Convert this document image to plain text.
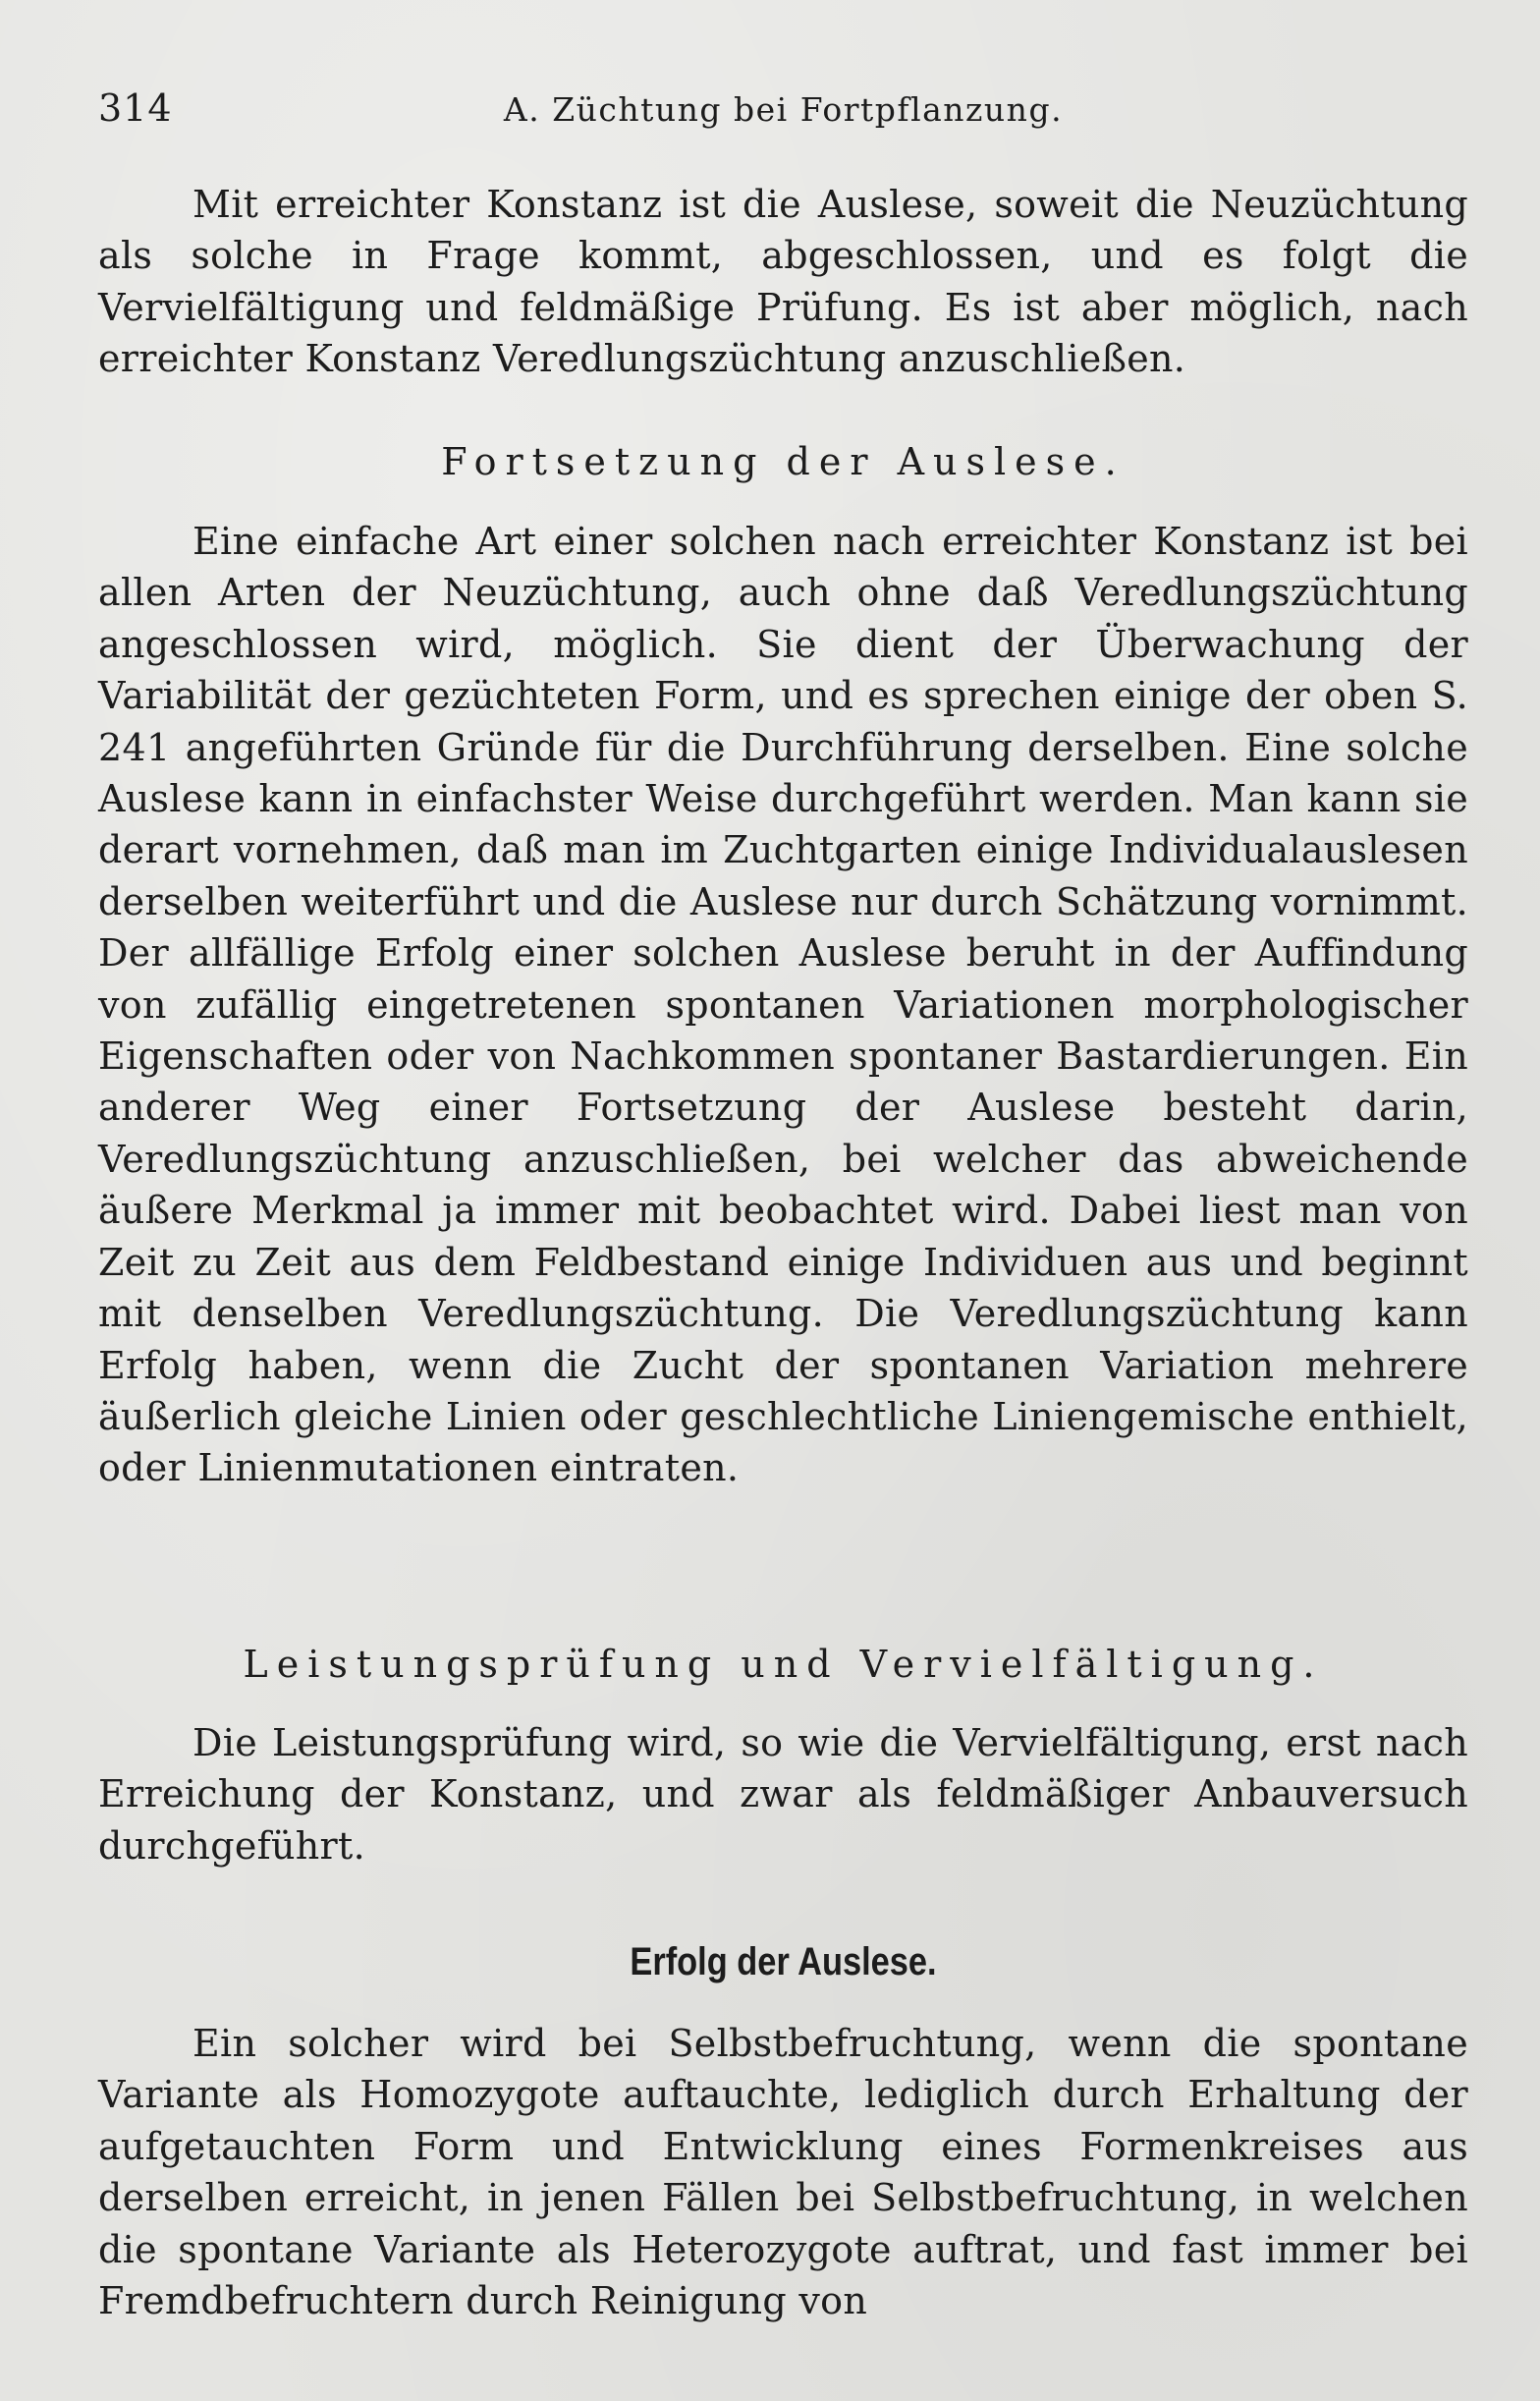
314	A. Züchtung bei Fortpflanzung.

Mit erreichter Konstanz ist die Auslese, soweit die Neuzüchtung als solche in Frage kommt, abgeschlossen, und es folgt die Vervielfältigung und feldmäßige Prüfung. Es ist aber möglich, nach erreichter Konstanz Veredlungszüchtung anzuschließen.

Fortsetzung der Auslese.

Eine einfache Art einer solchen nach erreichter Konstanz ist bei allen Arten der Neuzüchtung, auch ohne daß Veredlungszüchtung angeschlossen wird, möglich. Sie dient der Überwachung der Variabilität der gezüchteten Form, und es sprechen einige der oben S. 241 angeführten Gründe für die Durchführung derselben. Eine solche Auslese kann in einfachster Weise durchgeführt werden. Man kann sie derart vornehmen, daß man im Zuchtgarten einige Individualauslesen derselben weiterführt und die Auslese nur durch Schätzung vornimmt. Der allfällige Erfolg einer solchen Auslese beruht in der Auffindung von zufällig eingetretenen spontanen Variationen morphologischer Eigenschaften oder von Nachkommen spontaner Bastardierungen. Ein anderer Weg einer Fortsetzung der Auslese besteht darin, Veredlungszüchtung anzuschließen, bei welcher das abweichende äußere Merkmal ja immer mit beobachtet wird. Dabei liest man von Zeit zu Zeit aus dem Feldbestand einige Individuen aus und beginnt mit denselben Veredlungszüchtung. Die Veredlungszüchtung kann Erfolg haben, wenn die Zucht der spontanen Variation mehrere äußerlich gleiche Linien oder geschlechtliche Liniengemische enthielt, oder Linienmutationen eintraten.

Leistungsprüfung und Vervielfältigung.

Die Leistungsprüfung wird, so wie die Vervielfältigung, erst nach Erreichung der Konstanz, und zwar als feldmäßiger Anbauversuch durchgeführt.

Erfolg der Auslese.

Ein solcher wird bei Selbstbefruchtung, wenn die spontane Variante als Homozygote auftauchte, lediglich durch Erhaltung der aufgetauchten Form und Entwicklung eines Formenkreises aus derselben erreicht, in jenen Fällen bei Selbstbefruchtung, in welchen die spontane Variante als Heterozygote auftrat, und fast immer bei Fremdbefruchtern durch Reinigung von
